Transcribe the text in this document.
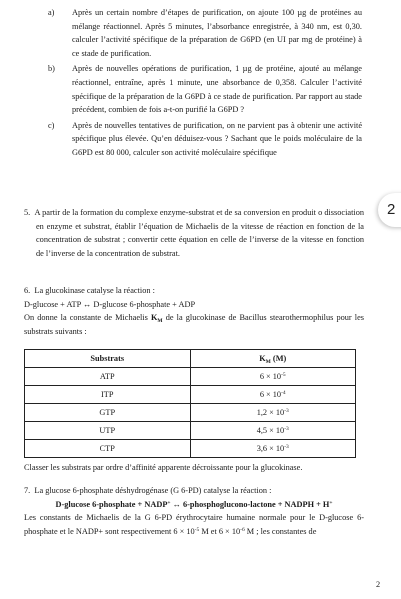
a) Après un certain nombre d’étapes de purification, on ajoute 100 µg de protéines au mélange réactionnel. Après 5 minutes, l’absorbance enregistrée, à 340 nm, est 0,30. calculer l’activité spécifique de la préparation de G6PD (en UI par mg de protéine) à ce stade de purification.
b) Après de nouvelles opérations de purification, 1 µg de protéine, ajouté au mélange réactionnel, entraîne, après 1 minute, une absorbance de 0,358. Calculer l’activité spécifique de la préparation de la G6PD à ce stade de purification. Par rapport au stade précédent, combien de fois a-t-on purifié la G6PD ?
c) Après de nouvelles tentatives de purification, on ne parvient pas à obtenir une activité spécifique plus élevée. Qu’en déduisez-vous ? Sachant que le poids moléculaire de la G6PD est 80 000, calculer son activité moléculaire spécifique
2
5. A partir de la formation du complexe enzyme-substrat et de sa conversion en produit o dissociation en enzyme et substrat, établir l’équation de Michaelis de la vitesse de réaction en fonction de la concentration de substrat ; convertir cette équation en celle de l’inverse de la vitesse en fonction de l’inverse de la concentration de substrat.
6. La glucokinase catalyse la réaction :
D-glucose + ATP ↔ D-glucose 6-phosphate + ADP
On donne la constante de Michaelis $K_M$ de la glucokinase de Bacillus stearothermophilus pour les substrats suivants :
Substrats	$K_M$ (M)
ATP	$6 \times 10^{-5}$
ITP	$6 \times 10^{-4}$
GTP	$1,2 \times 10^{-3}$
UTP	$4,5 \times 10^{-3}$
CTP	$3,6 \times 10^{-3}$
Classer les substrats par ordre d’affinité apparente décroissante pour la glucokinase.
7. La glucose 6-phosphate déshydrogénase (G 6-PD) catalyse la réaction :
D-glucose 6-phosphate + NADP+ ↔ 6-phosphoglucono-lactone + NADPH + H+
Les constants de Michaelis de la G 6-PD érythrocytaire humaine normale pour le D-glucose 6-phosphate et le NADP+ sont respectivement $6 \times 10^{-5}$ M et $6 \times 10^{-6}$ M ; les constantes de
2
